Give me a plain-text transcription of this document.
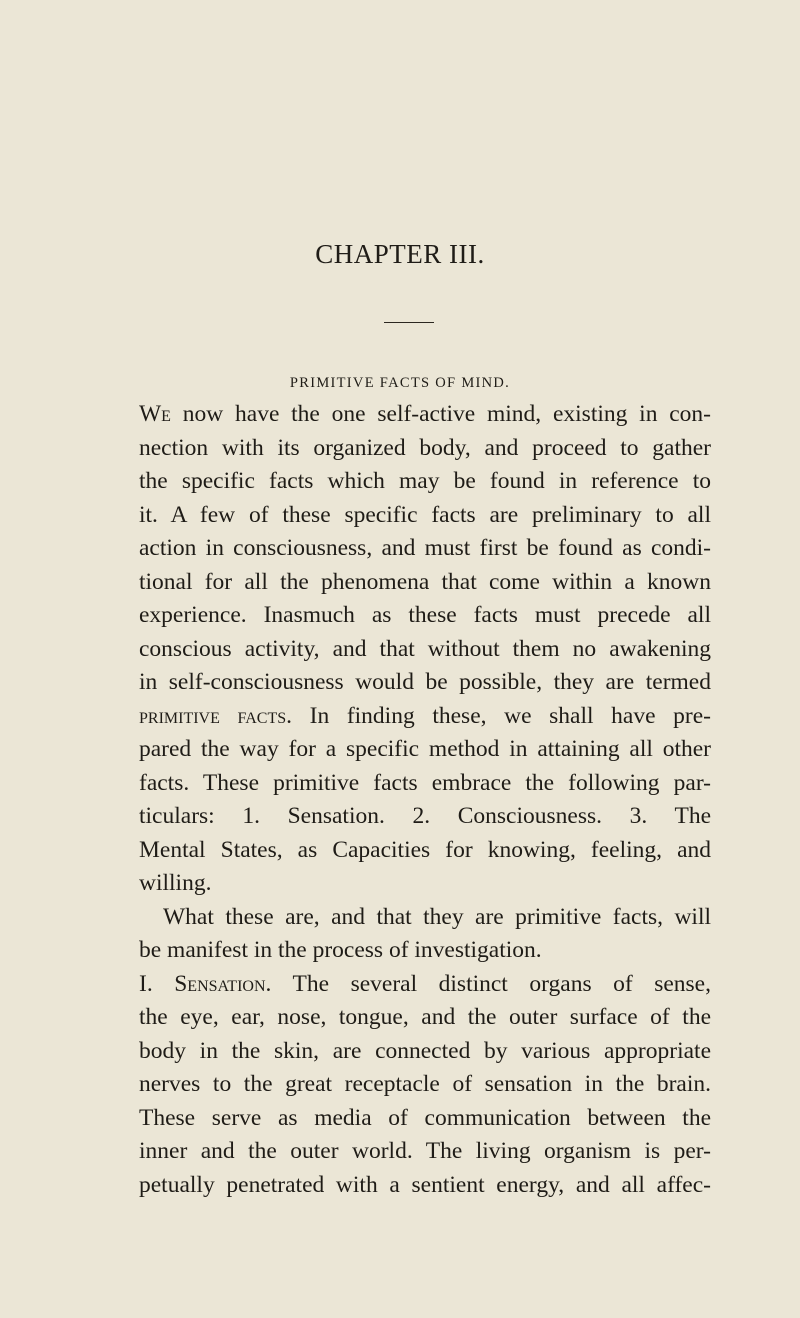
CHAPTER III.
PRIMITIVE FACTS OF MIND.
We now have the one self-active mind, existing in con-
nection with its organized body, and proceed to gather
the specific facts which may be found in reference to
it. A few of these specific facts are preliminary to all
action in consciousness, and must first be found as condi-
tional for all the phenomena that come within a known
experience. Inasmuch as these facts must precede all
conscious activity, and that without them no awakening
in self-consciousness would be possible, they are termed
primitive facts. In finding these, we shall have pre-
pared the way for a specific method in attaining all other
facts. These primitive facts embrace the following par-
ticulars: 1. Sensation. 2. Consciousness. 3. The
Mental States, as Capacities for knowing, feeling, and
willing.
What these are, and that they are primitive facts, will
be manifest in the process of investigation.
I. Sensation. The several distinct organs of sense,
the eye, ear, nose, tongue, and the outer surface of the
body in the skin, are connected by various appropriate
nerves to the great receptacle of sensation in the brain.
These serve as media of communication between the
inner and the outer world. The living organism is per-
petually penetrated with a sentient energy, and all affec-
